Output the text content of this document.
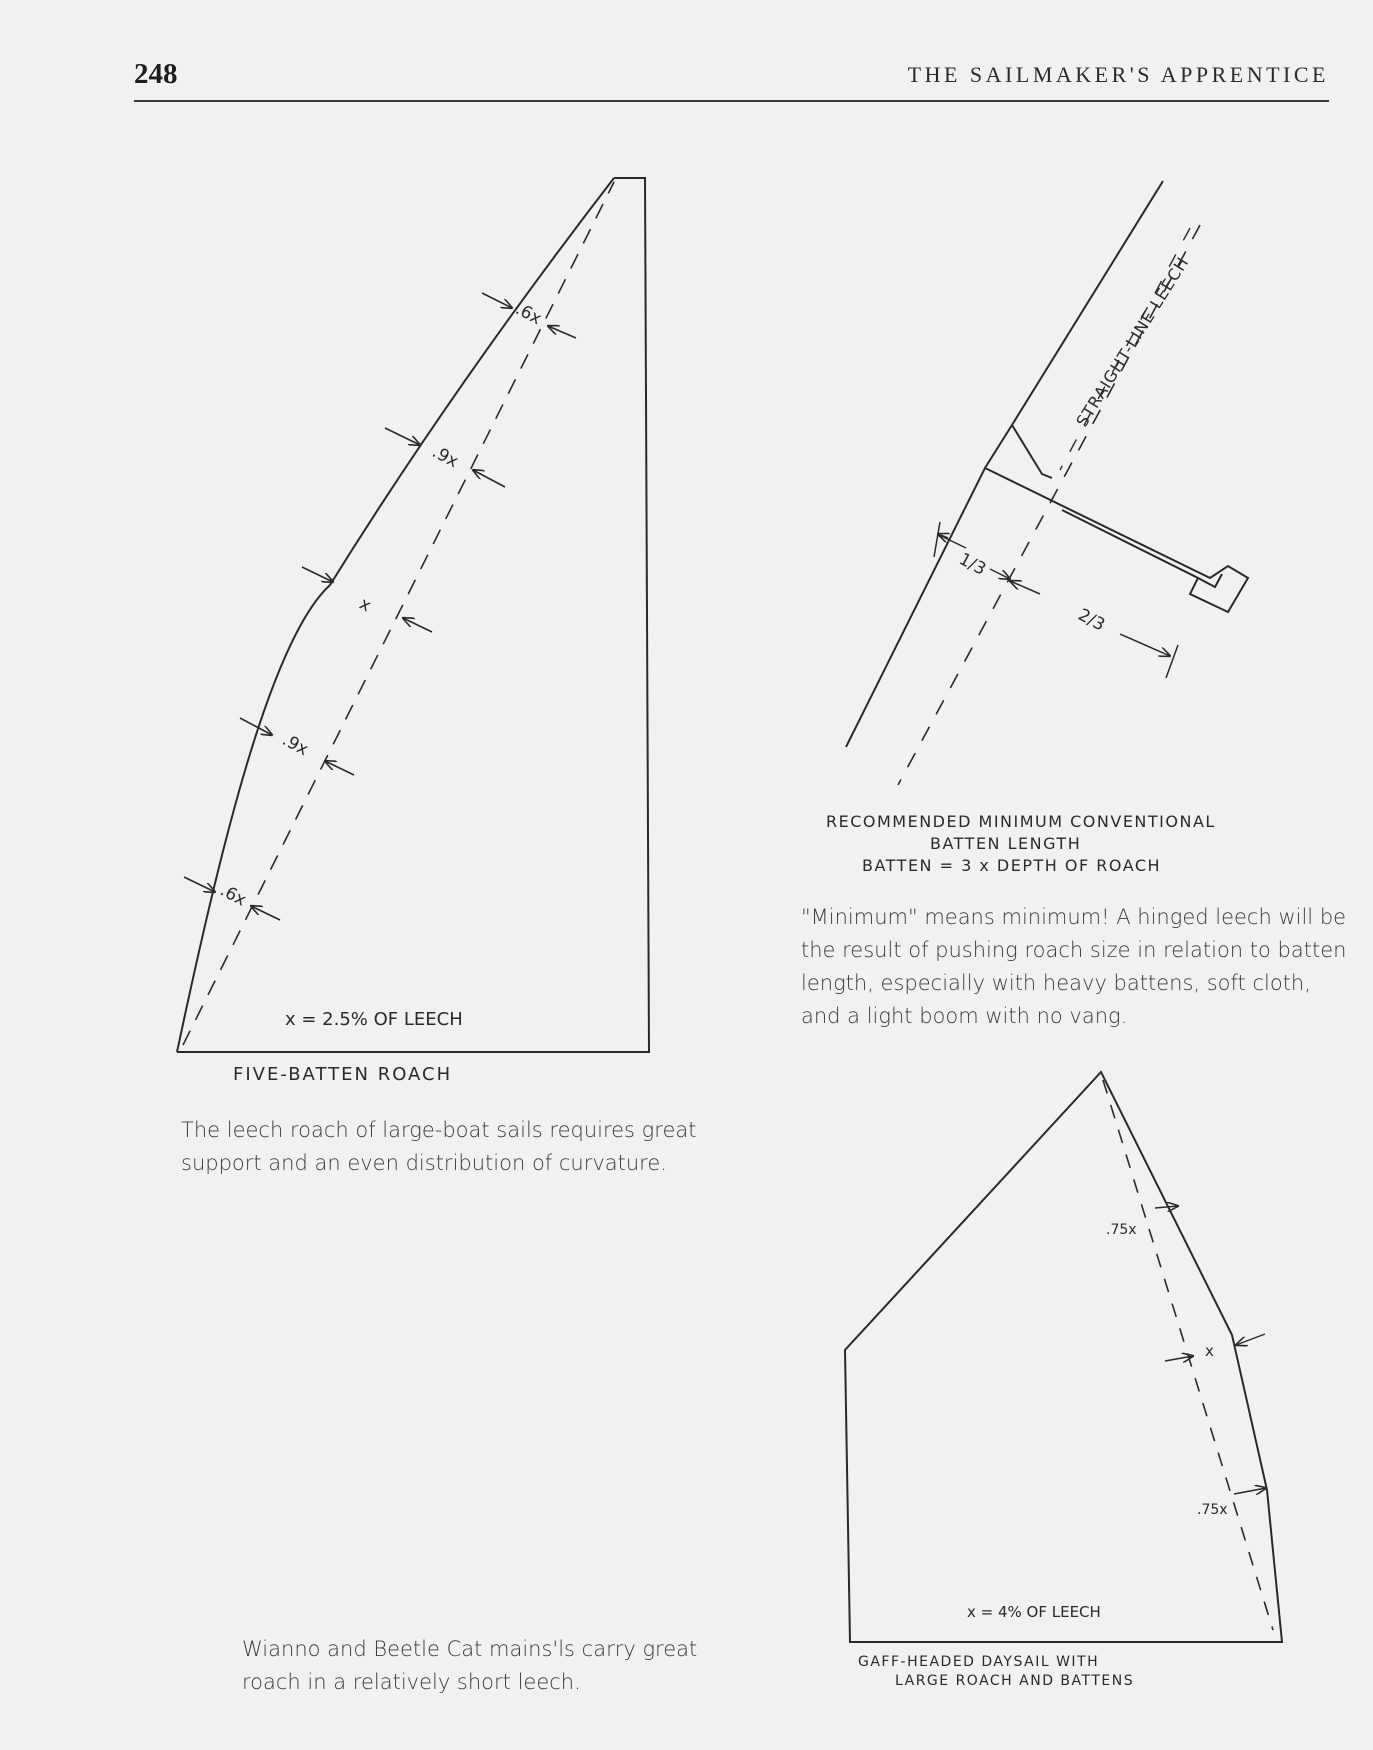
248	THE SAILMAKER'S APPRENTICE
.6x
.9x
x
.9x
.6x
x = 2.5% OF LEECH
FIVE-BATTEN ROACH
STRAIGHT-LINE LEECH
1/3
2/3
RECOMMENDED MINIMUM CONVENTIONAL
BATTEN LENGTH
BATTEN = 3 x DEPTH OF ROACH
.75x
x
.75x
x = 4% OF LEECH
GAFF-HEADED DAYSAIL WITH
LARGE ROACH AND BATTENS
The leech roach of large-boat sails requires great support and an even distribution of curvature.
"Minimum" means minimum! A hinged leech will be the result of pushing roach size in relation to batten length, especially with heavy battens, soft cloth, and a light boom with no vang.
Wianno and Beetle Cat mains'ls carry great roach in a relatively short leech.
